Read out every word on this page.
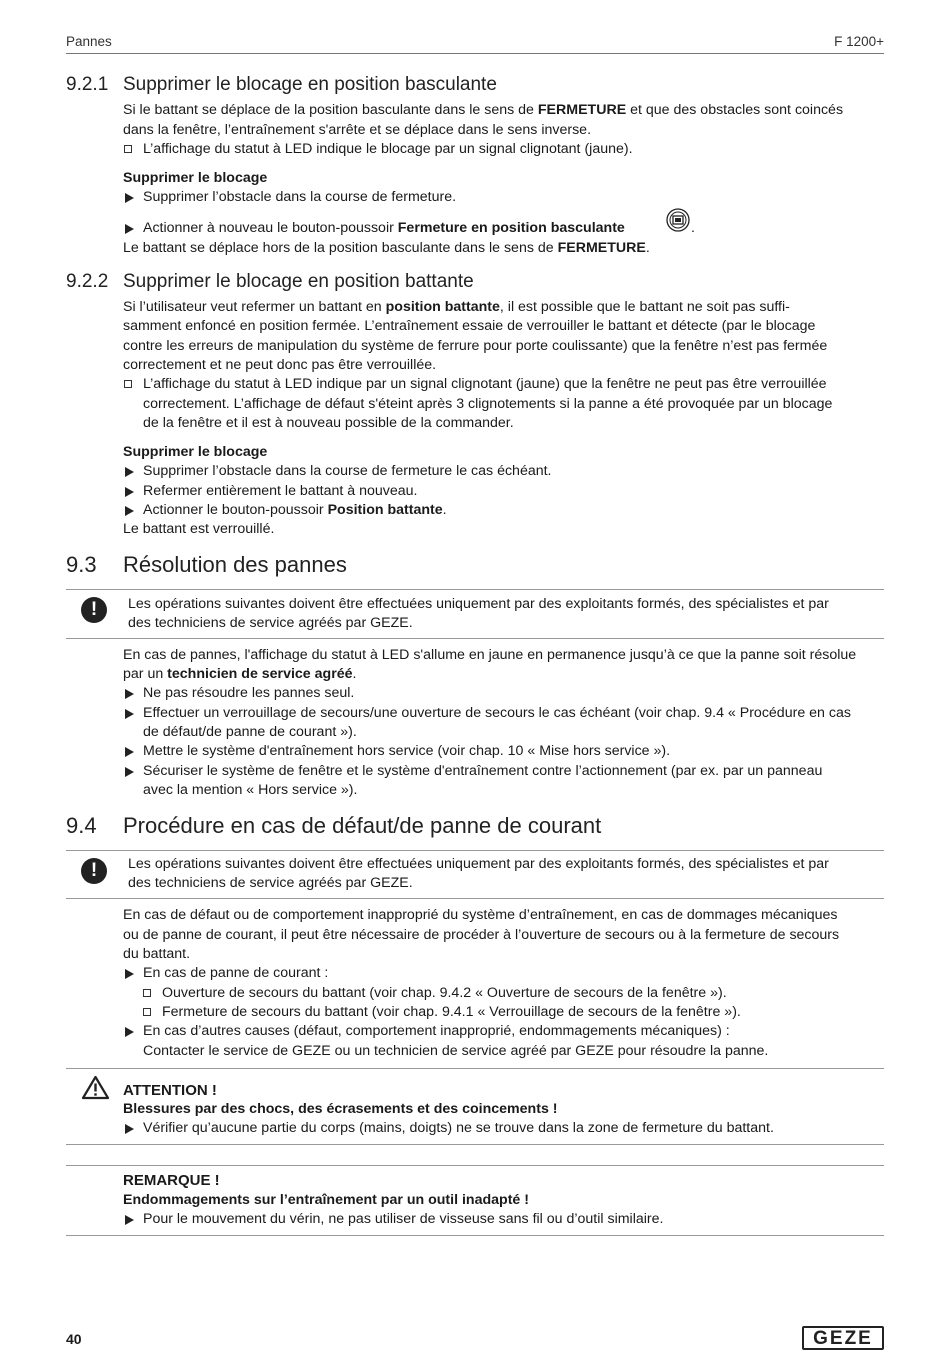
Pannes	F 1200+
9.2.1 Supprimer le blocage en position basculante
Si le battant se déplace de la position basculante dans le sens de FERMETURE et que des obstacles sont coincés
dans la fenêtre, l’entraînement s'arrête et se déplace dans le sens inverse.
L’affichage du statut à LED indique le blocage par un signal clignotant (jaune).
Supprimer le blocage
Supprimer l’obstacle dans la course de fermeture.
Actionner à nouveau le bouton-poussoir Fermeture en position basculante	.
Le battant se déplace hors de la position basculante dans le sens de FERMETURE.
9.2.2 Supprimer le blocage en position battante
Si l’utilisateur veut refermer un battant en position battante, il est possible que le battant ne soit pas suffi-
samment enfoncé en position fermée. L’entraînement essaie de verrouiller le battant et détecte (par le blocage
contre les erreurs de manipulation du système de ferrure pour porte coulissante) que la fenêtre n’est pas fermée
correctement et ne peut donc pas être verrouillée.
L’affichage du statut à LED indique par un signal clignotant (jaune) que la fenêtre ne peut pas être verrouillée
correctement. L’affichage de défaut s'éteint après 3 clignotements si la panne a été provoquée par un blocage
de la fenêtre et il est à nouveau possible de la commander.
Supprimer le blocage
Supprimer l’obstacle dans la course de fermeture le cas échéant.
Refermer entièrement le battant à nouveau.
Actionner le bouton-poussoir Position battante.
Le battant est verrouillé.
9.3 Résolution des pannes
!	Les opérations suivantes doivent être effectuées uniquement par des exploitants formés, des spécialistes et par
des techniciens de service agréés par GEZE.
En cas de pannes, l'affichage du statut à LED s'allume en jaune en permanence jusqu’à ce que la panne soit résolue
par un technicien de service agréé.
Ne pas résoudre les pannes seul.
Effectuer un verrouillage de secours/une ouverture de secours le cas échéant (voir chap. 9.4 « Procédure en cas
de défaut/de panne de courant »).
Mettre le système d'entraînement hors service (voir chap. 10 « Mise hors service »).
Sécuriser le système de fenêtre et le système d'entraînement contre l’actionnement (par ex. par un panneau
avec la mention « Hors service »).
9.4 Procédure en cas de défaut/de panne de courant
!	Les opérations suivantes doivent être effectuées uniquement par des exploitants formés, des spécialistes et par
des techniciens de service agréés par GEZE.
En cas de défaut ou de comportement inapproprié du système d’entraînement, en cas de dommages mécaniques
ou de panne de courant, il peut être nécessaire de procéder à l’ouverture de secours ou à la fermeture de secours
du battant.
En cas de panne de courant :
Ouverture de secours du battant (voir chap. 9.4.2 « Ouverture de secours de la fenêtre »).
Fermeture de secours du battant (voir chap. 9.4.1 « Verrouillage de secours de la fenêtre »).
En cas d’autres causes (défaut, comportement inapproprié, endommagements mécaniques) :
Contacter le service de GEZE ou un technicien de service agréé par GEZE pour résoudre la panne.
ATTENTION !
Blessures par des chocs, des écrasements et des coincements !
Vérifier qu’aucune partie du corps (mains, doigts) ne se trouve dans la zone de fermeture du battant.
REMARQUE !
Endommagements sur l’entraînement par un outil inadapté !
Pour le mouvement du vérin, ne pas utiliser de visseuse sans fil ou d’outil similaire.
40	GEZE
